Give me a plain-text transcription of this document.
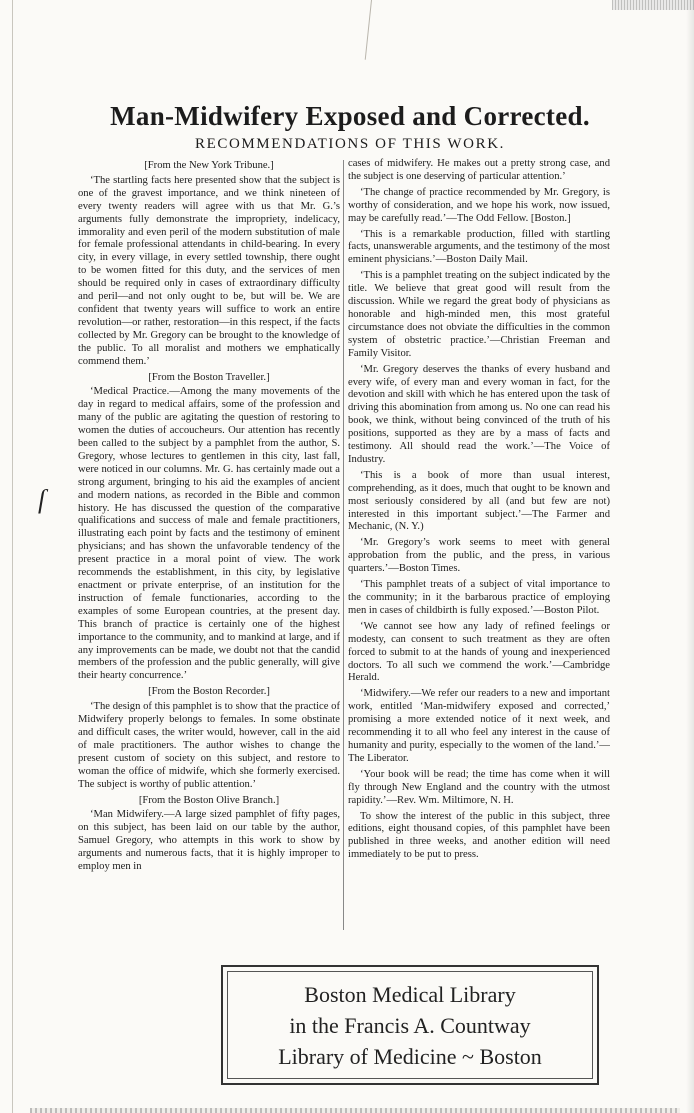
ſ
Man-Midwifery Exposed and Corrected.
RECOMMENDATIONS OF THIS WORK.

[From the New York Tribune.]

‘The startling facts here presented show that the subject is one of the gravest importance, and we think nineteen of every twenty readers will agree with us that Mr. G.’s arguments fully demonstrate the impropriety, indelicacy, immorality and even peril of the modern substitution of male for female professional attendants in child-bearing. In every city, in every village, in every settled township, there ought to be women fitted for this duty, and the services of men should be required only in cases of extraordinary difficulty and peril—and not only ought to be, but will be. We are confident that twenty years will suffice to work an entire revolution—or rather, restoration—in this respect, if the facts collected by Mr. Gregory can be brought to the knowledge of the public. To all moralist and mothers we emphatically commend them.’

[From the Boston Traveller.]

‘Medical Practice.—Among the many movements of the day in regard to medical affairs, some of the profession and many of the public are agitating the question of restoring to women the duties of accoucheurs. Our attention has recently been called to the subject by a pamphlet from the author, S. Gregory, whose lectures to gentlemen in this city, last fall, were noticed in our columns. Mr. G. has certainly made out a strong argument, bringing to his aid the examples of ancient and modern nations, as recorded in the Bible and common history. He has discussed the question of the comparative qualifications and success of male and female practitioners, illustrating each point by facts and the testimony of eminent physicians; and has shown the unfavorable tendency of the present practice in a moral point of view. The work recommends the establishment, in this city, by legislative enactment or private enterprise, of an institution for the instruction of female functionaries, according to the examples of some European countries, at the present day. This branch of practice is certainly one of the highest importance to the community, and to mankind at large, and if any improvements can be made, we doubt not that the candid members of the profession and the public generally, will give their hearty concurrence.’

[From the Boston Recorder.]

‘The design of this pamphlet is to show that the practice of Midwifery properly belongs to females. In some obstinate and difficult cases, the writer would, however, call in the aid of male practitioners. The author wishes to change the present custom of society on this subject, and restore to woman the office of midwife, which she formerly exercised. The subject is worthy of public attention.’

[From the Boston Olive Branch.]

‘Man Midwifery.—A large sized pamphlet of fifty pages, on this subject, has been laid on our table by the author, Samuel Gregory, who attempts in this work to show by arguments and numerous facts, that it is highly improper to employ men in

cases of midwifery. He makes out a pretty strong case, and the subject is one deserving of particular attention.’

‘The change of practice recommended by Mr. Gregory, is worthy of consideration, and we hope his work, now issued, may be carefully read.’—The Odd Fellow. [Boston.]

‘This is a remarkable production, filled with startling facts, unanswerable arguments, and the testimony of the most eminent physicians.’—Boston Daily Mail.

‘This is a pamphlet treating on the subject indicated by the title. We believe that great good will result from the discussion. While we regard the great body of physicians as honorable and high-minded men, this most grateful circumstance does not obviate the difficulties in the common system of obstetric practice.’—Christian Freeman and Family Visitor.

‘Mr. Gregory deserves the thanks of every husband and every wife, of every man and every woman in fact, for the devotion and skill with which he has entered upon the task of driving this abomination from among us. No one can read his book, we think, without being convinced of the truth of his positions, supported as they are by a mass of facts and testimony. All should read the work.’—The Voice of Industry.

‘This is a book of more than usual interest, comprehending, as it does, much that ought to be known and most seriously considered by all (and but few are not) interested in this important subject.’—The Farmer and Mechanic, (N. Y.)

‘Mr. Gregory’s work seems to meet with general approbation from the public, and the press, in various quarters.’—Boston Times.

‘This pamphlet treats of a subject of vital importance to the community; in it the barbarous practice of employing men in cases of childbirth is fully exposed.’—Boston Pilot.

‘We cannot see how any lady of refined feelings or modesty, can consent to such treatment as they are often forced to submit to at the hands of young and inexperienced doctors. To all such we commend the work.’—Cambridge Herald.

‘Midwifery.—We refer our readers to a new and important work, entitled ‘Man-midwifery exposed and corrected,’ promising a more extended notice of it next week, and recommending it to all who feel any interest in the cause of humanity and purity, especially to the women of the land.’—The Liberator.

‘Your book will be read; the time has come when it will fly through New England and the country with the utmost rapidity.’—Rev. Wm. Miltimore, N. H.

To show the interest of the public in this subject, three editions, eight thousand copies, of this pamphlet have been published in three weeks, and another edition will need immediately to be put to press.

Boston Medical Library
in the Francis A. Countway
Library of Medicine ~ Boston
